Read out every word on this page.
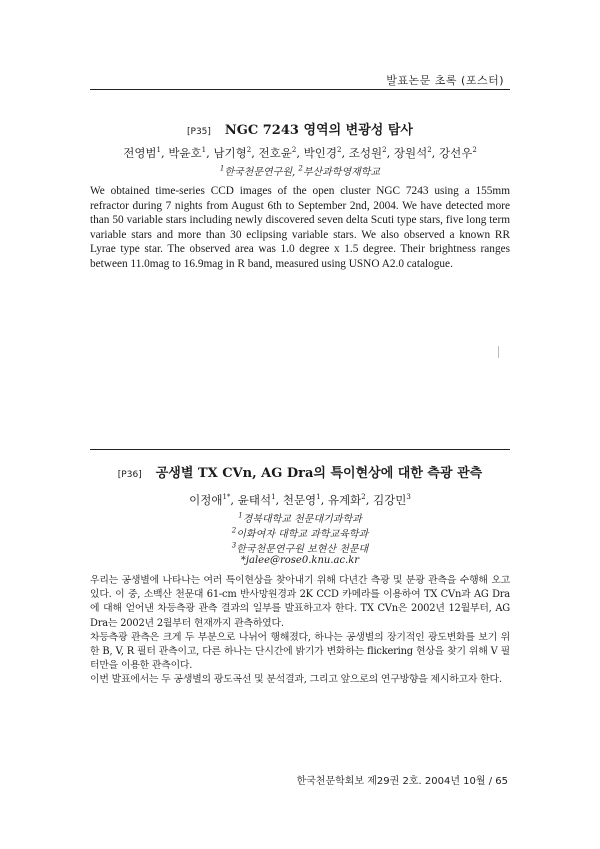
발표논문 초록 (포스터)
[P35] NGC 7243 영역의 변광성 탐사
전영범$^1$, 박윤호$^1$, 남기형$^2$, 전호윤$^2$, 박인경$^2$, 조성원$^2$, 장원석$^2$, 강선우$^2$
$^1$한국천문연구원, $^2$부산과학영재학교

We obtained time-series CCD images of the open cluster NGC 7243 using a 155mm refractor during 7 nights from August 6th to September 2nd, 2004. We have detected more than 50 variable stars including newly discovered seven delta Scuti type stars, five long term variable stars and more than 30 eclipsing variable stars. We also observed a known RR Lyrae type star. The observed area was 1.0 degree x 1.5 degree. Their brightness ranges between 11.0mag to 16.9mag in R band, measured using USNO A2.0 catalogue.

[P36] 공생별 TX CVn, AG Dra의 특이현상에 대한 측광 관측
이정애$^{1*}$, 윤태석$^1$, 천문영$^1$, 유계화$^2$, 김강민$^3$
$^1$경북대학교 천문대기과학과
$^2$이화여자 대학교 과학교육학과
$^3$한국천문연구원 보현산 천문대
*jalee@rose0.knu.ac.kr
우리는 공생별에 나타나는 여러 특이현상을 찾아내기 위해 다년간 측광 및 분광 관측을 수행해 오고 있다. 이 중, 소백산 천문대 61-cm 반사망원경과 2K CCD 카메라를 이용하여 TX CVn과 AG Dra에 대해 얻어낸 차등측광 관측 결과의 일부를 발표하고자 한다. TX CVn은 2002년 12월부터, AG Dra는 2002년 2월부터 현재까지 관측하였다.
차등측광 관측은 크게 두 부분으로 나뉘어 행해졌다, 하나는 공생별의 장기적인 광도변화를 보기 위한 B, V, R 필터 관측이고, 다른 하나는 단시간에 밝기가 변화하는 flickering 현상을 찾기 위해 V 필터만을 이용한 관측이다.
이번 발표에서는 두 공생별의 광도곡선 및 분석결과, 그리고 앞으로의 연구방향을 제시하고자 한다.
한국천문학회보 제29권 2호. 2004년 10월 / 65
